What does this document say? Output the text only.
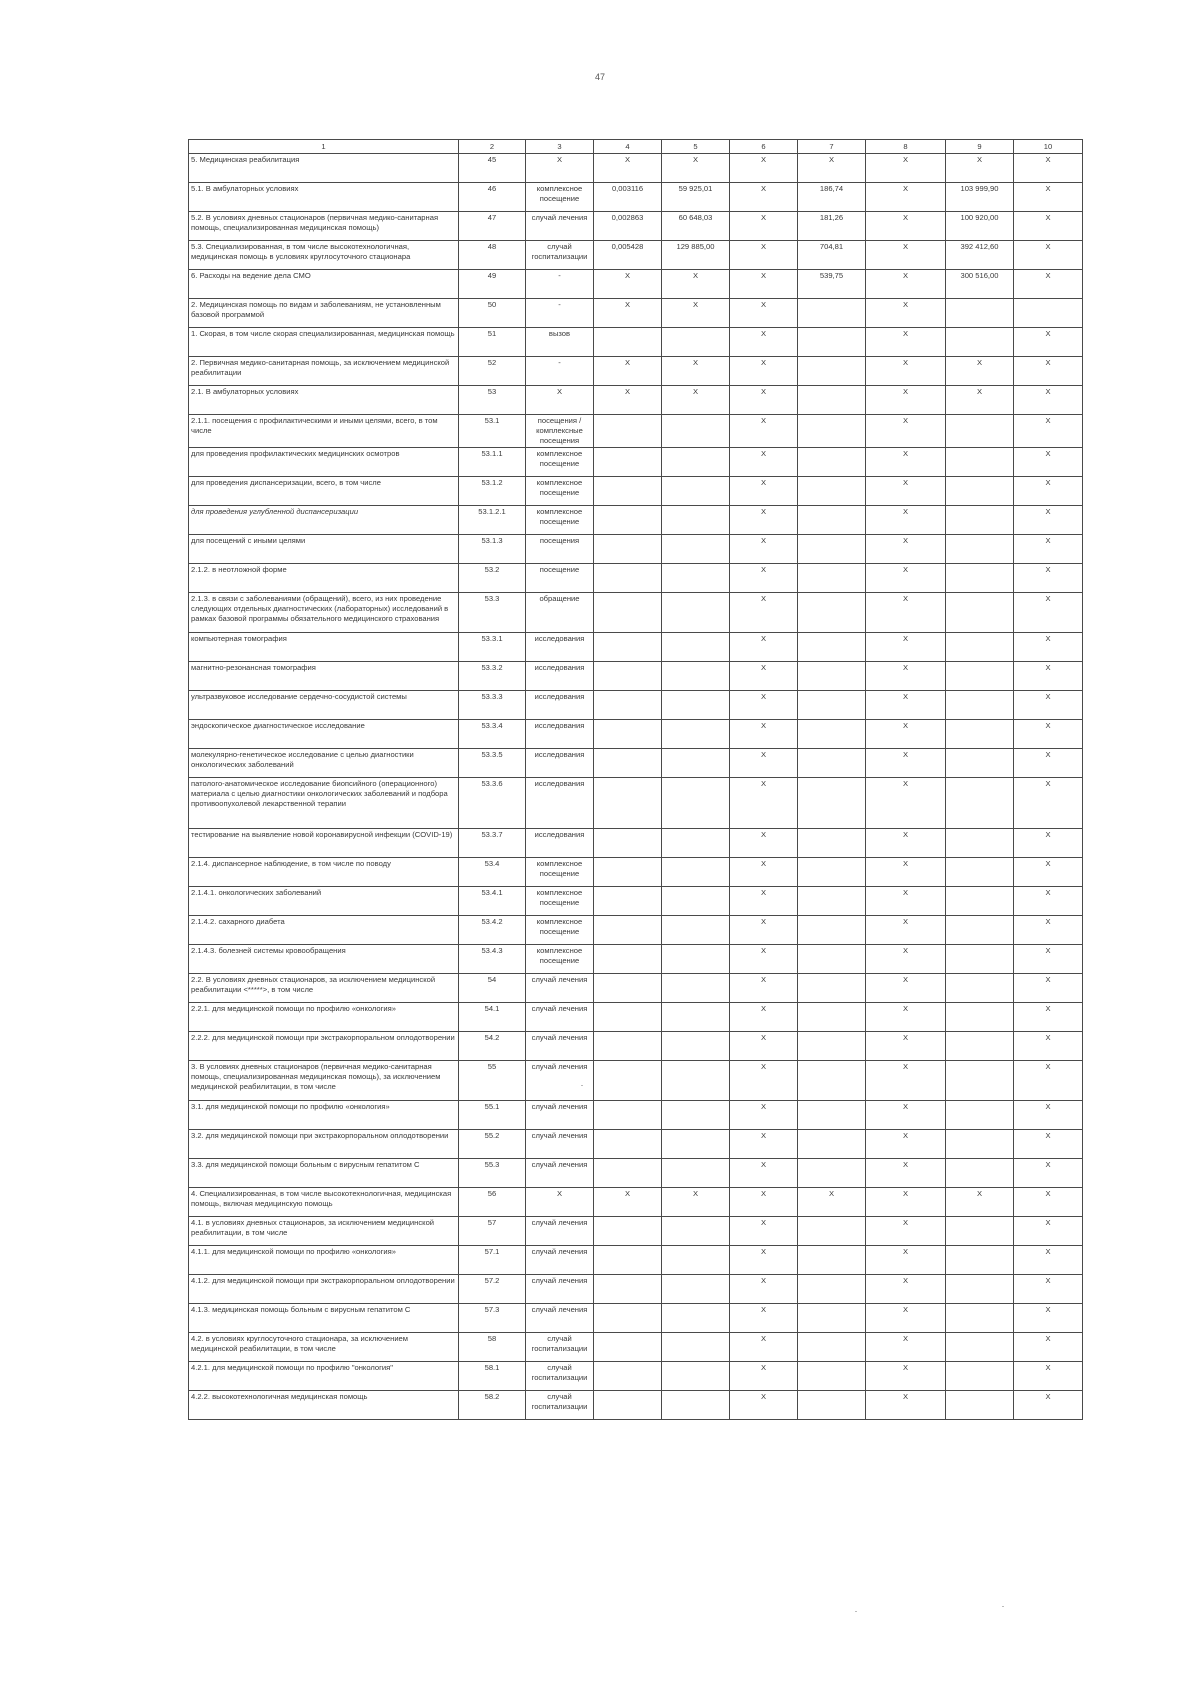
47
1	2	3	4	5	6	7	8	9	10
5. Медицинская реабилитация	45	Х	Х	Х	Х	Х	Х	Х	Х
5.1. В амбулаторных условиях	46	комплексное посещение	0,003116	59 925,01	Х	186,74	Х	103 999,90	Х
5.2. В условиях дневных стационаров (первичная медико-санитарная помощь, специализированная медицинская помощь)	47	случай лечения	0,002863	60 648,03	Х	181,26	Х	100 920,00	Х
5.3. Специализированная, в том числе высокотехнологичная, медицинская помощь в условиях круглосуточного стационара	48	случай госпитализации	0,005428	129 885,00	Х	704,81	Х	392 412,60	Х
6. Расходы на ведение дела СМО	49	-	Х	Х	Х	539,75	Х	300 516,00	Х
2. Медицинская помощь по видам и заболеваниям, не установленным базовой программой	50	-	Х	Х	Х		Х		
1. Скорая, в том числе скорая специализированная, медицинская помощь	51	вызов			Х		Х		Х
2. Первичная медико-санитарная помощь, за исключением медицинской реабилитации	52	-	Х	Х	Х		Х	Х	Х
2.1. В амбулаторных условиях	53	Х	Х	Х	Х		Х	Х	Х
2.1.1. посещения с профилактическими и иными целями, всего, в том числе	53.1	посещения / комплексные посещения			Х		Х		Х
для проведения профилактических медицинских осмотров	53.1.1	комплексное посещение			Х		Х		Х
для проведения диспансеризации, всего, в том числе	53.1.2	комплексное посещение			Х		Х		Х
для проведения углубленной диспансеризации	53.1.2.1	комплексное посещение			Х		Х		Х
для посещений с иными целями	53.1.3	посещения			Х		Х		Х
2.1.2. в неотложной форме	53.2	посещение			Х		Х		Х
2.1.3. в связи с заболеваниями (обращений), всего, из них проведение следующих отдельных диагностических (лабораторных) исследований в рамках базовой программы обязательного медицинского страхования	53.3	обращение			Х		Х		Х
компьютерная томография	53.3.1	исследования			Х		Х		Х
магнитно-резонансная томография	53.3.2	исследования			Х		Х		Х
ультразвуковое исследование сердечно-сосудистой системы	53.3.3	исследования			Х		Х		Х
эндоскопическое диагностическое исследование	53.3.4	исследования			Х		Х		Х
молекулярно-генетическое исследование с целью диагностики онкологических заболеваний	53.3.5	исследования			Х		Х		Х
патолого-анатомическое исследование биопсийного (операционного) материала с целью диагностики онкологических заболеваний и подбора противоопухолевой лекарственной терапии	53.3.6	исследования			Х		Х		Х
тестирование на выявление новой коронавирусной инфекции (COVID-19)	53.3.7	исследования			Х		Х		Х
2.1.4. диспансерное наблюдение, в том числе по поводу	53.4	комплексное посещение			Х		Х		Х
2.1.4.1. онкологических заболеваний	53.4.1	комплексное посещение			Х		Х		Х
2.1.4.2. сахарного диабета	53.4.2	комплексное посещение			Х		Х		Х
2.1.4.3. болезней системы кровообращения	53.4.3	комплексное посещение			Х		Х		Х
2.2. В условиях дневных стационаров, за исключением медицинской реабилитации <*****>, в том числе	54	случай лечения			Х		Х		Х
2.2.1. для медицинской помощи по профилю «онкология»	54.1	случай лечения			Х		Х		Х
2.2.2. для медицинской помощи при экстракорпоральном оплодотворении	54.2	случай лечения			Х		Х		Х
3. В условиях дневных стационаров (первичная медико-санитарная помощь, специализированная медицинская помощь), за исключением медицинской реабилитации, в том числе	55	случай лечения			Х		Х		Х
3.1. для медицинской помощи по профилю «онкология»	55.1	случай лечения			Х		Х		Х
3.2. для медицинской помощи при экстракорпоральном оплодотворении	55.2	случай лечения			Х		Х		Х
3.3. для медицинской помощи больным с вирусным гепатитом С	55.3	случай лечения			Х		Х		Х
4. Специализированная, в том числе высокотехнологичная, медицинская помощь, включая медицинскую помощь	56	Х	Х	Х	Х	Х	Х	Х	Х
4.1. в условиях дневных стационаров, за исключением медицинской реабилитации, в том числе	57	случай лечения			Х		Х		Х
4.1.1. для медицинской помощи по профилю «онкология»	57.1	случай лечения			Х		Х		Х
4.1.2. для медицинской помощи при экстракорпоральном оплодотворении	57.2	случай лечения			Х		Х		Х
4.1.3. медицинская помощь больным с вирусным гепатитом С	57.3	случай лечения			Х		Х		Х
4.2. в условиях круглосуточного стационара, за исключением медицинской реабилитации, в том числе	58	случай госпитализации			Х		Х		Х
4.2.1. для медицинской помощи по профилю "онкология"	58.1	случай госпитализации			Х		Х		Х
4.2.2. высокотехнологичная медицинская помощь	58.2	случай госпитализации			Х		Х		Х
